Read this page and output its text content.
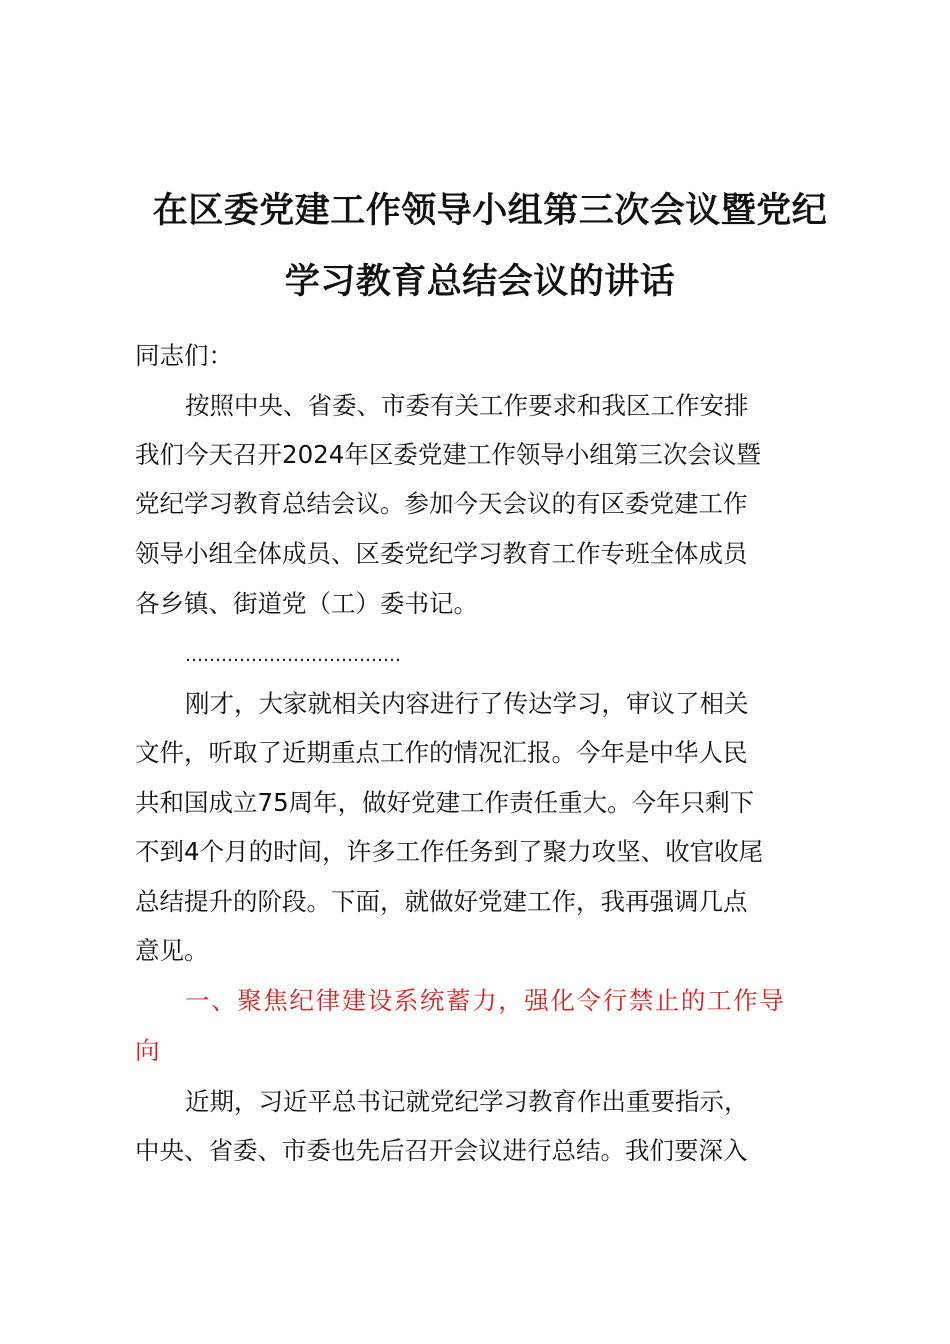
在区委党建工作领导小组第三次会议暨党纪
学习教育总结会议的讲话
同志们：
按照中央、省委、市委有关工作要求和我区工作安排
我们今天召开2024年区委党建工作领导小组第三次会议暨
党纪学习教育总结会议。参加今天会议的有区委党建工作
领导小组全体成员、区委党纪学习教育工作专班全体成员
各乡镇、街道党（工）委书记。
………………………………
刚才，大家就相关内容进行了传达学习，审议了相关
文件，听取了近期重点工作的情况汇报。今年是中华人民
共和国成立75周年，做好党建工作责任重大。今年只剩下
不到4个月的时间，许多工作任务到了聚力攻坚、收官收尾
总结提升的阶段。下面，就做好党建工作，我再强调几点
意见。
一、聚焦纪律建设系统蓄力，强化令行禁止的工作导
向
近期，习近平总书记就党纪学习教育作出重要指示，
中央、省委、市委也先后召开会议进行总结。我们要深入
